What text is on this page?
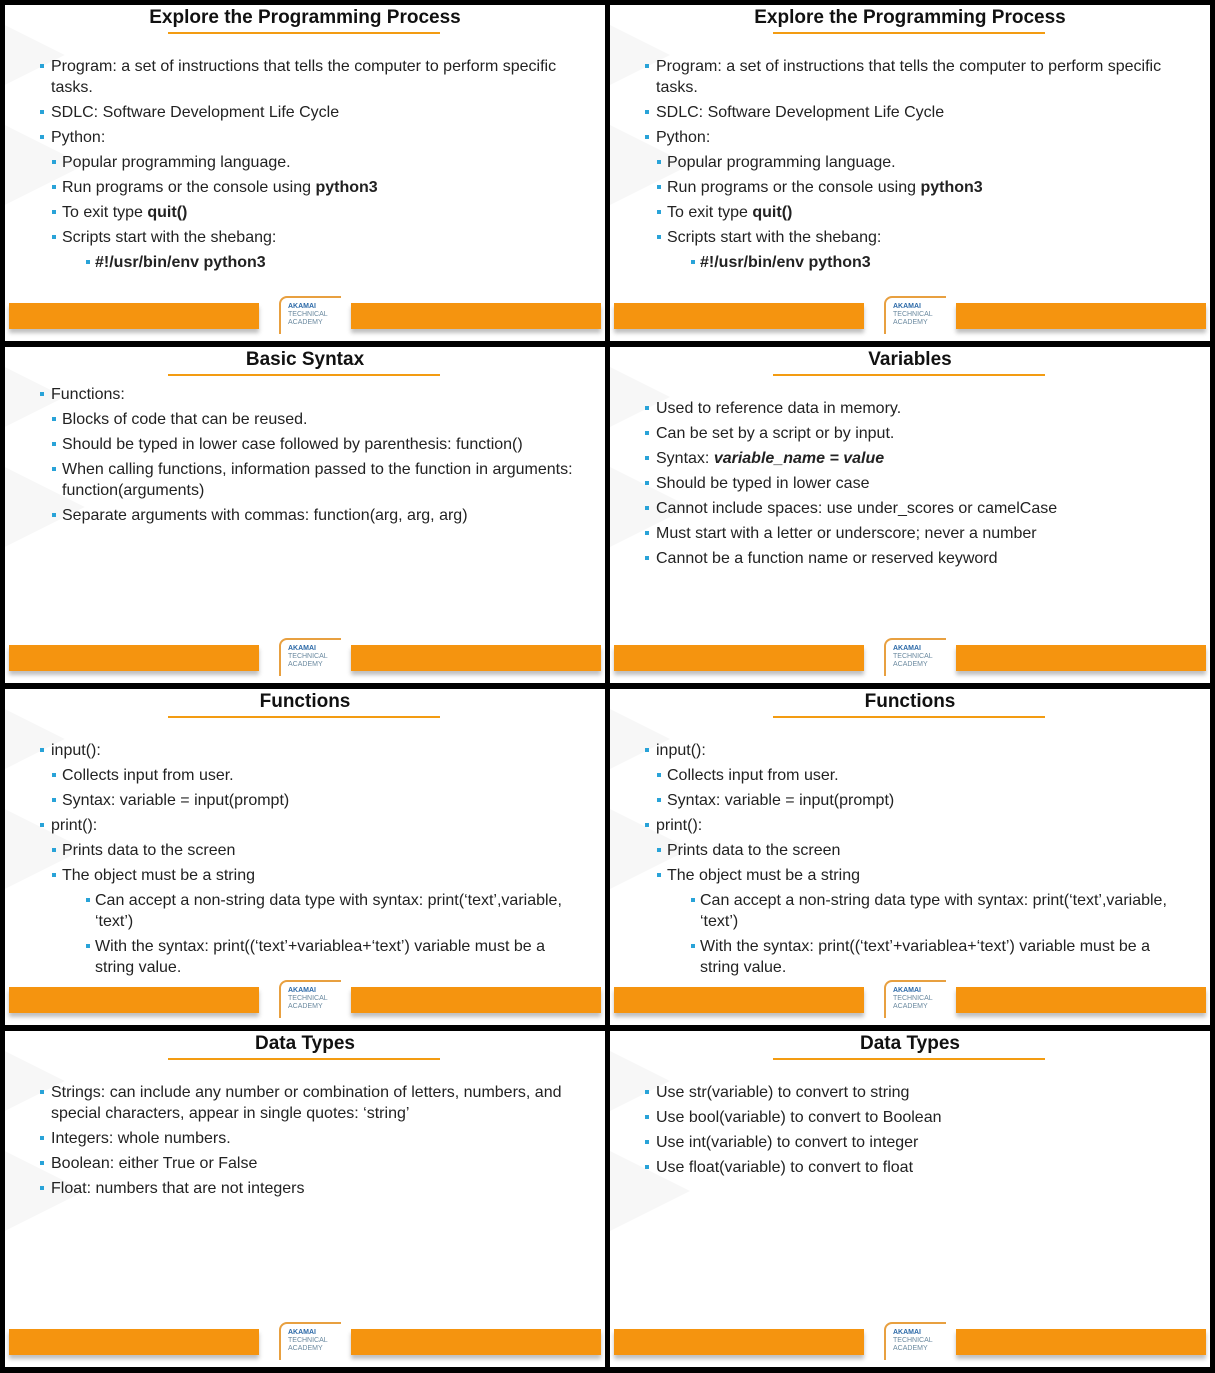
Explore the Programming Process
Program: a set of instructions that tells the computer to perform specific tasks.
SDLC: Software Development Life Cycle
Python:
Popular programming language.
Run programs or the console using python3
To exit type quit()
Scripts start with the shebang:
#!/usr/bin/env python3
AKAMAI
TECHNICAL
ACADEMY
Explore the Programming Process
Program: a set of instructions that tells the computer to perform specific tasks.
SDLC: Software Development Life Cycle
Python:
Popular programming language.
Run programs or the console using python3
To exit type quit()
Scripts start with the shebang:
#!/usr/bin/env python3
AKAMAI
TECHNICAL
ACADEMY
Basic Syntax
Functions:
Blocks of code that can be reused.
Should be typed in lower case followed by parenthesis: function()
When calling functions, information passed to the function in arguments: function(arguments)
Separate arguments with commas: function(arg, arg, arg)
AKAMAI
TECHNICAL
ACADEMY
Variables
Used to reference data in memory.
Can be set by a script or by input.
Syntax: variable_name = value
Should be typed in lower case
Cannot include spaces: use under_scores or camelCase
Must start with a letter or underscore; never a number
Cannot be a function name or reserved keyword
AKAMAI
TECHNICAL
ACADEMY
Functions
input():
Collects input from user.
Syntax: variable = input(prompt)
print():
Prints data to the screen
The object must be a string
Can accept a non-string data type with syntax: print(‘text’,variable, ‘text’)
With the syntax: print((‘text’+variablea+‘text’) variable must be a string value.
AKAMAI
TECHNICAL
ACADEMY
Functions
input():
Collects input from user.
Syntax: variable = input(prompt)
print():
Prints data to the screen
The object must be a string
Can accept a non-string data type with syntax: print(‘text’,variable, ‘text’)
With the syntax: print((‘text’+variablea+‘text’) variable must be a string value.
AKAMAI
TECHNICAL
ACADEMY
Data Types
Strings: can include any number or combination of letters, numbers, and special characters, appear in single quotes: ‘string’
Integers: whole numbers.
Boolean: either True or False
Float: numbers that are not integers
AKAMAI
TECHNICAL
ACADEMY
Data Types
Use str(variable) to convert to string
Use bool(variable) to convert to Boolean
Use int(variable) to convert to integer
Use float(variable) to convert to float
AKAMAI
TECHNICAL
ACADEMY
